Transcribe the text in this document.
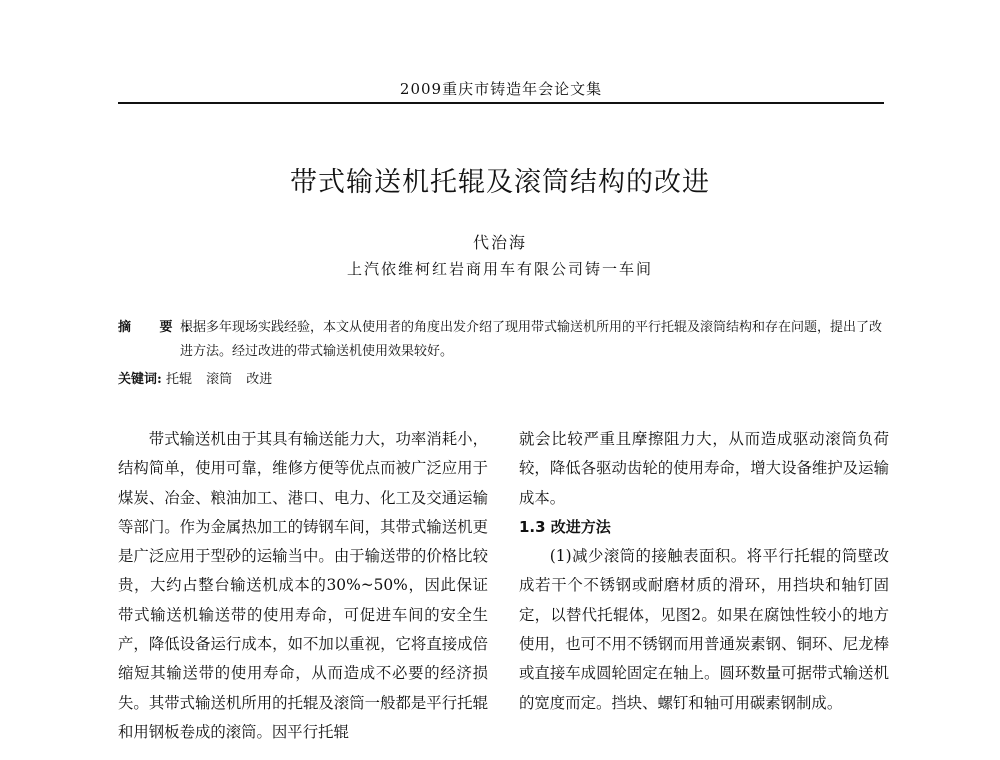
2009重庆市铸造年会论文集
带式输送机托辊及滚筒结构的改进
代治海
上汽依维柯红岩商用车有限公司铸一车间
摘 要:
根据多年现场实践经验，本文从使用者的角度出发介绍了现用带式输送机所用的平行托辊及滚筒结构和存在问题，提出了改进方法。经过改进的带式输送机使用效果较好。
关键词: 托辊 滚筒 改进

带式输送机由于其具有输送能力大，功率消耗小，结构简单，使用可靠，维修方便等优点而被广泛应用于煤炭、冶金、粮油加工、港口、电力、化工及交通运输等部门。作为金属热加工的铸钢车间，其带式输送机更是广泛应用于型砂的运输当中。由于输送带的价格比较贵，大约占整台输送机成本的30%~50%，因此保证带式输送机输送带的使用寿命，可促进车间的安全生产，降低设备运行成本，如不加以重视，它将直接成倍缩短其输送带的使用寿命，从而造成不必要的经济损失。其带式输送机所用的托辊及滚筒一般都是平行托辊和用钢板卷成的滚筒。因平行托辊

就会比较严重且摩擦阻力大，从而造成驱动滚筒负荷较，降低各驱动齿轮的使用寿命，增大设备维护及运输成本。

1.3 改进方法

(1)减少滚筒的接触表面积。将平行托辊的筒壁改成若干个不锈钢或耐磨材质的滑环，用挡块和轴钉固定，以替代托辊体，见图2。如果在腐蚀性较小的地方使用，也可不用不锈钢而用普通炭素钢、铜环、尼龙棒或直接车成圆轮固定在轴上。圆环数量可据带式输送机的宽度而定。挡块、螺钉和轴可用碳素钢制成。
